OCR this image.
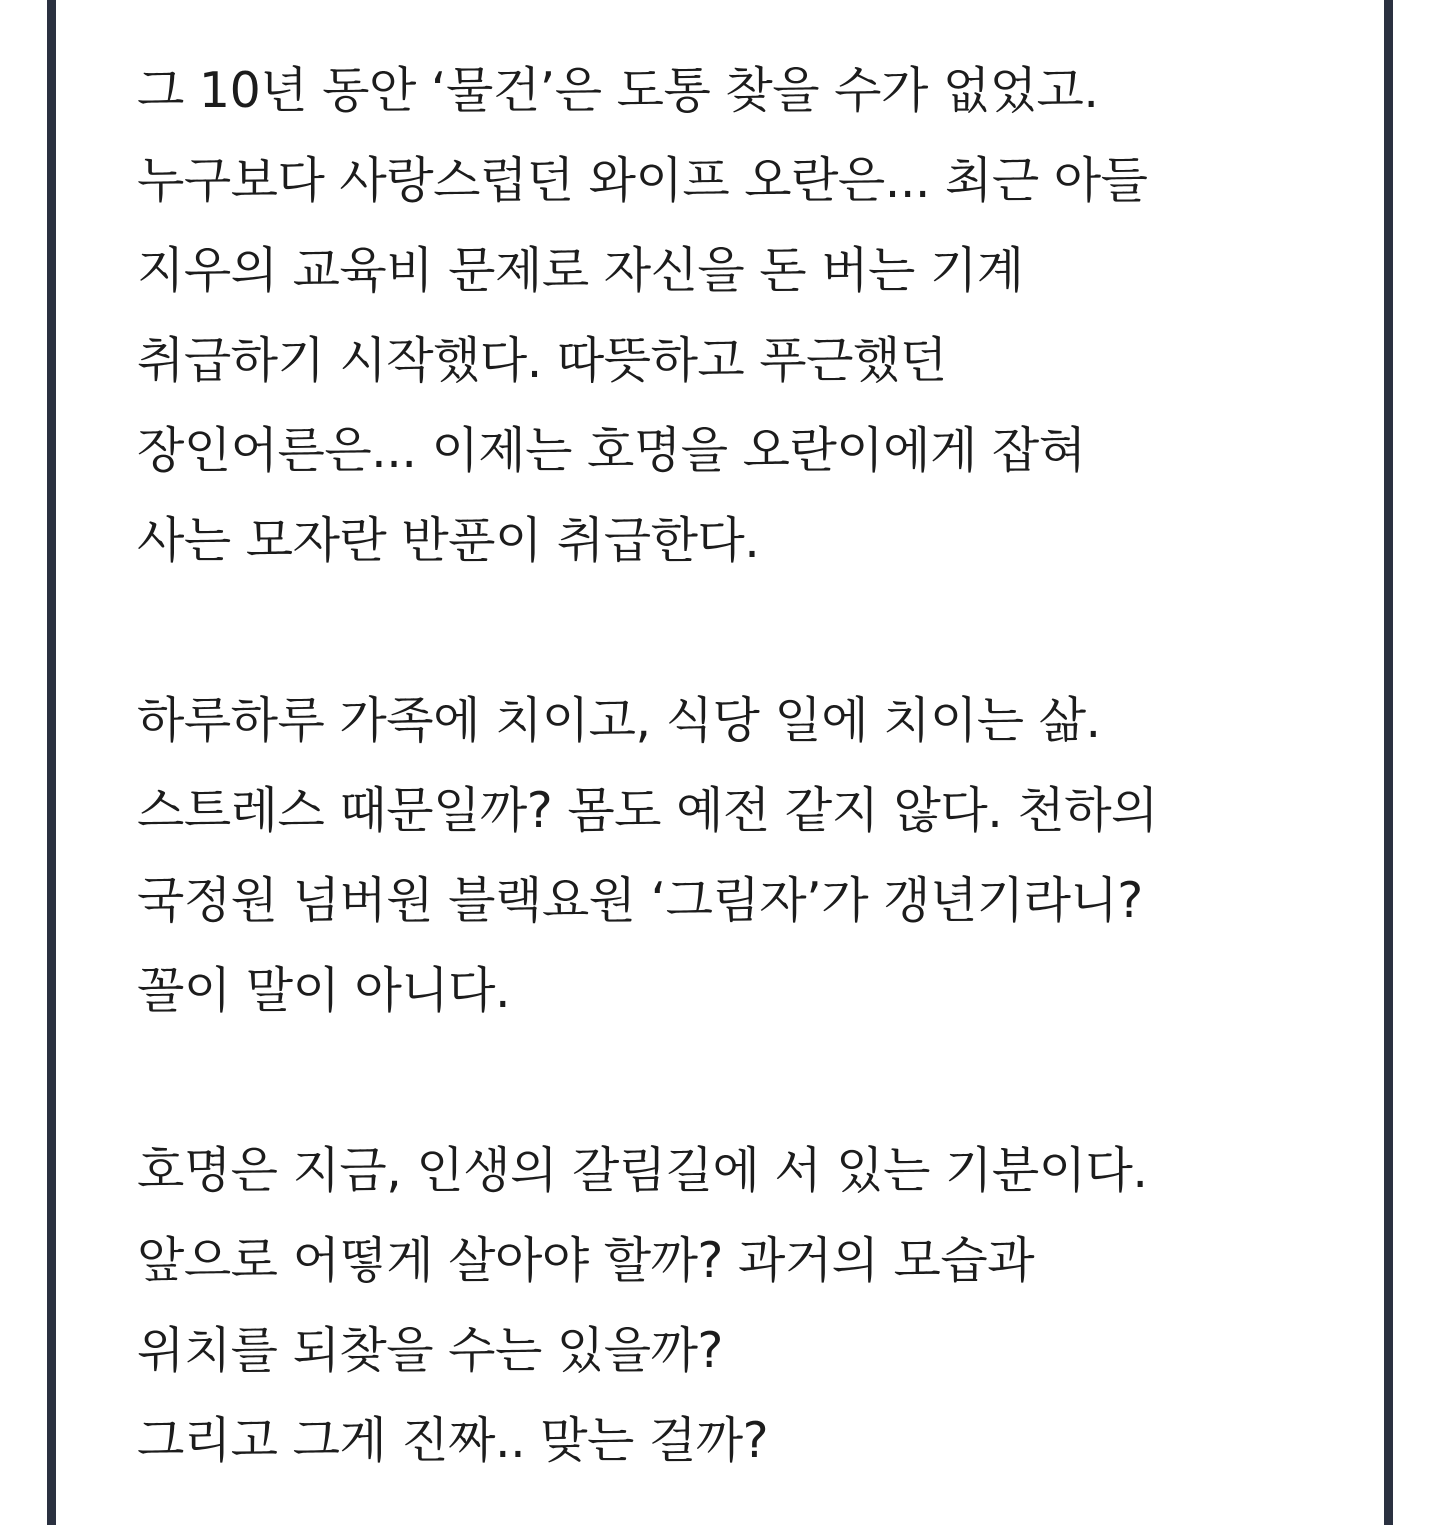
그 10년 동안 ‘물건’은 도통 찾을 수가 없었고.
누구보다 사랑스럽던 와이프 오란은... 최근 아들
지우의 교육비 문제로 자신을 돈 버는 기계
취급하기 시작했다. 따뜻하고 푸근했던
장인어른은... 이제는 호명을 오란이에게 잡혀
사는 모자란 반푼이 취급한다.

하루하루 가족에 치이고, 식당 일에 치이는 삶.
스트레스 때문일까? 몸도 예전 같지 않다. 천하의
국정원 넘버원 블랙요원 ‘그림자’가 갱년기라니?
꼴이 말이 아니다.

호명은 지금, 인생의 갈림길에 서 있는 기분이다.
앞으로 어떻게 살아야 할까? 과거의 모습과
위치를 되찾을 수는 있을까?
그리고 그게 진짜.. 맞는 걸까?
